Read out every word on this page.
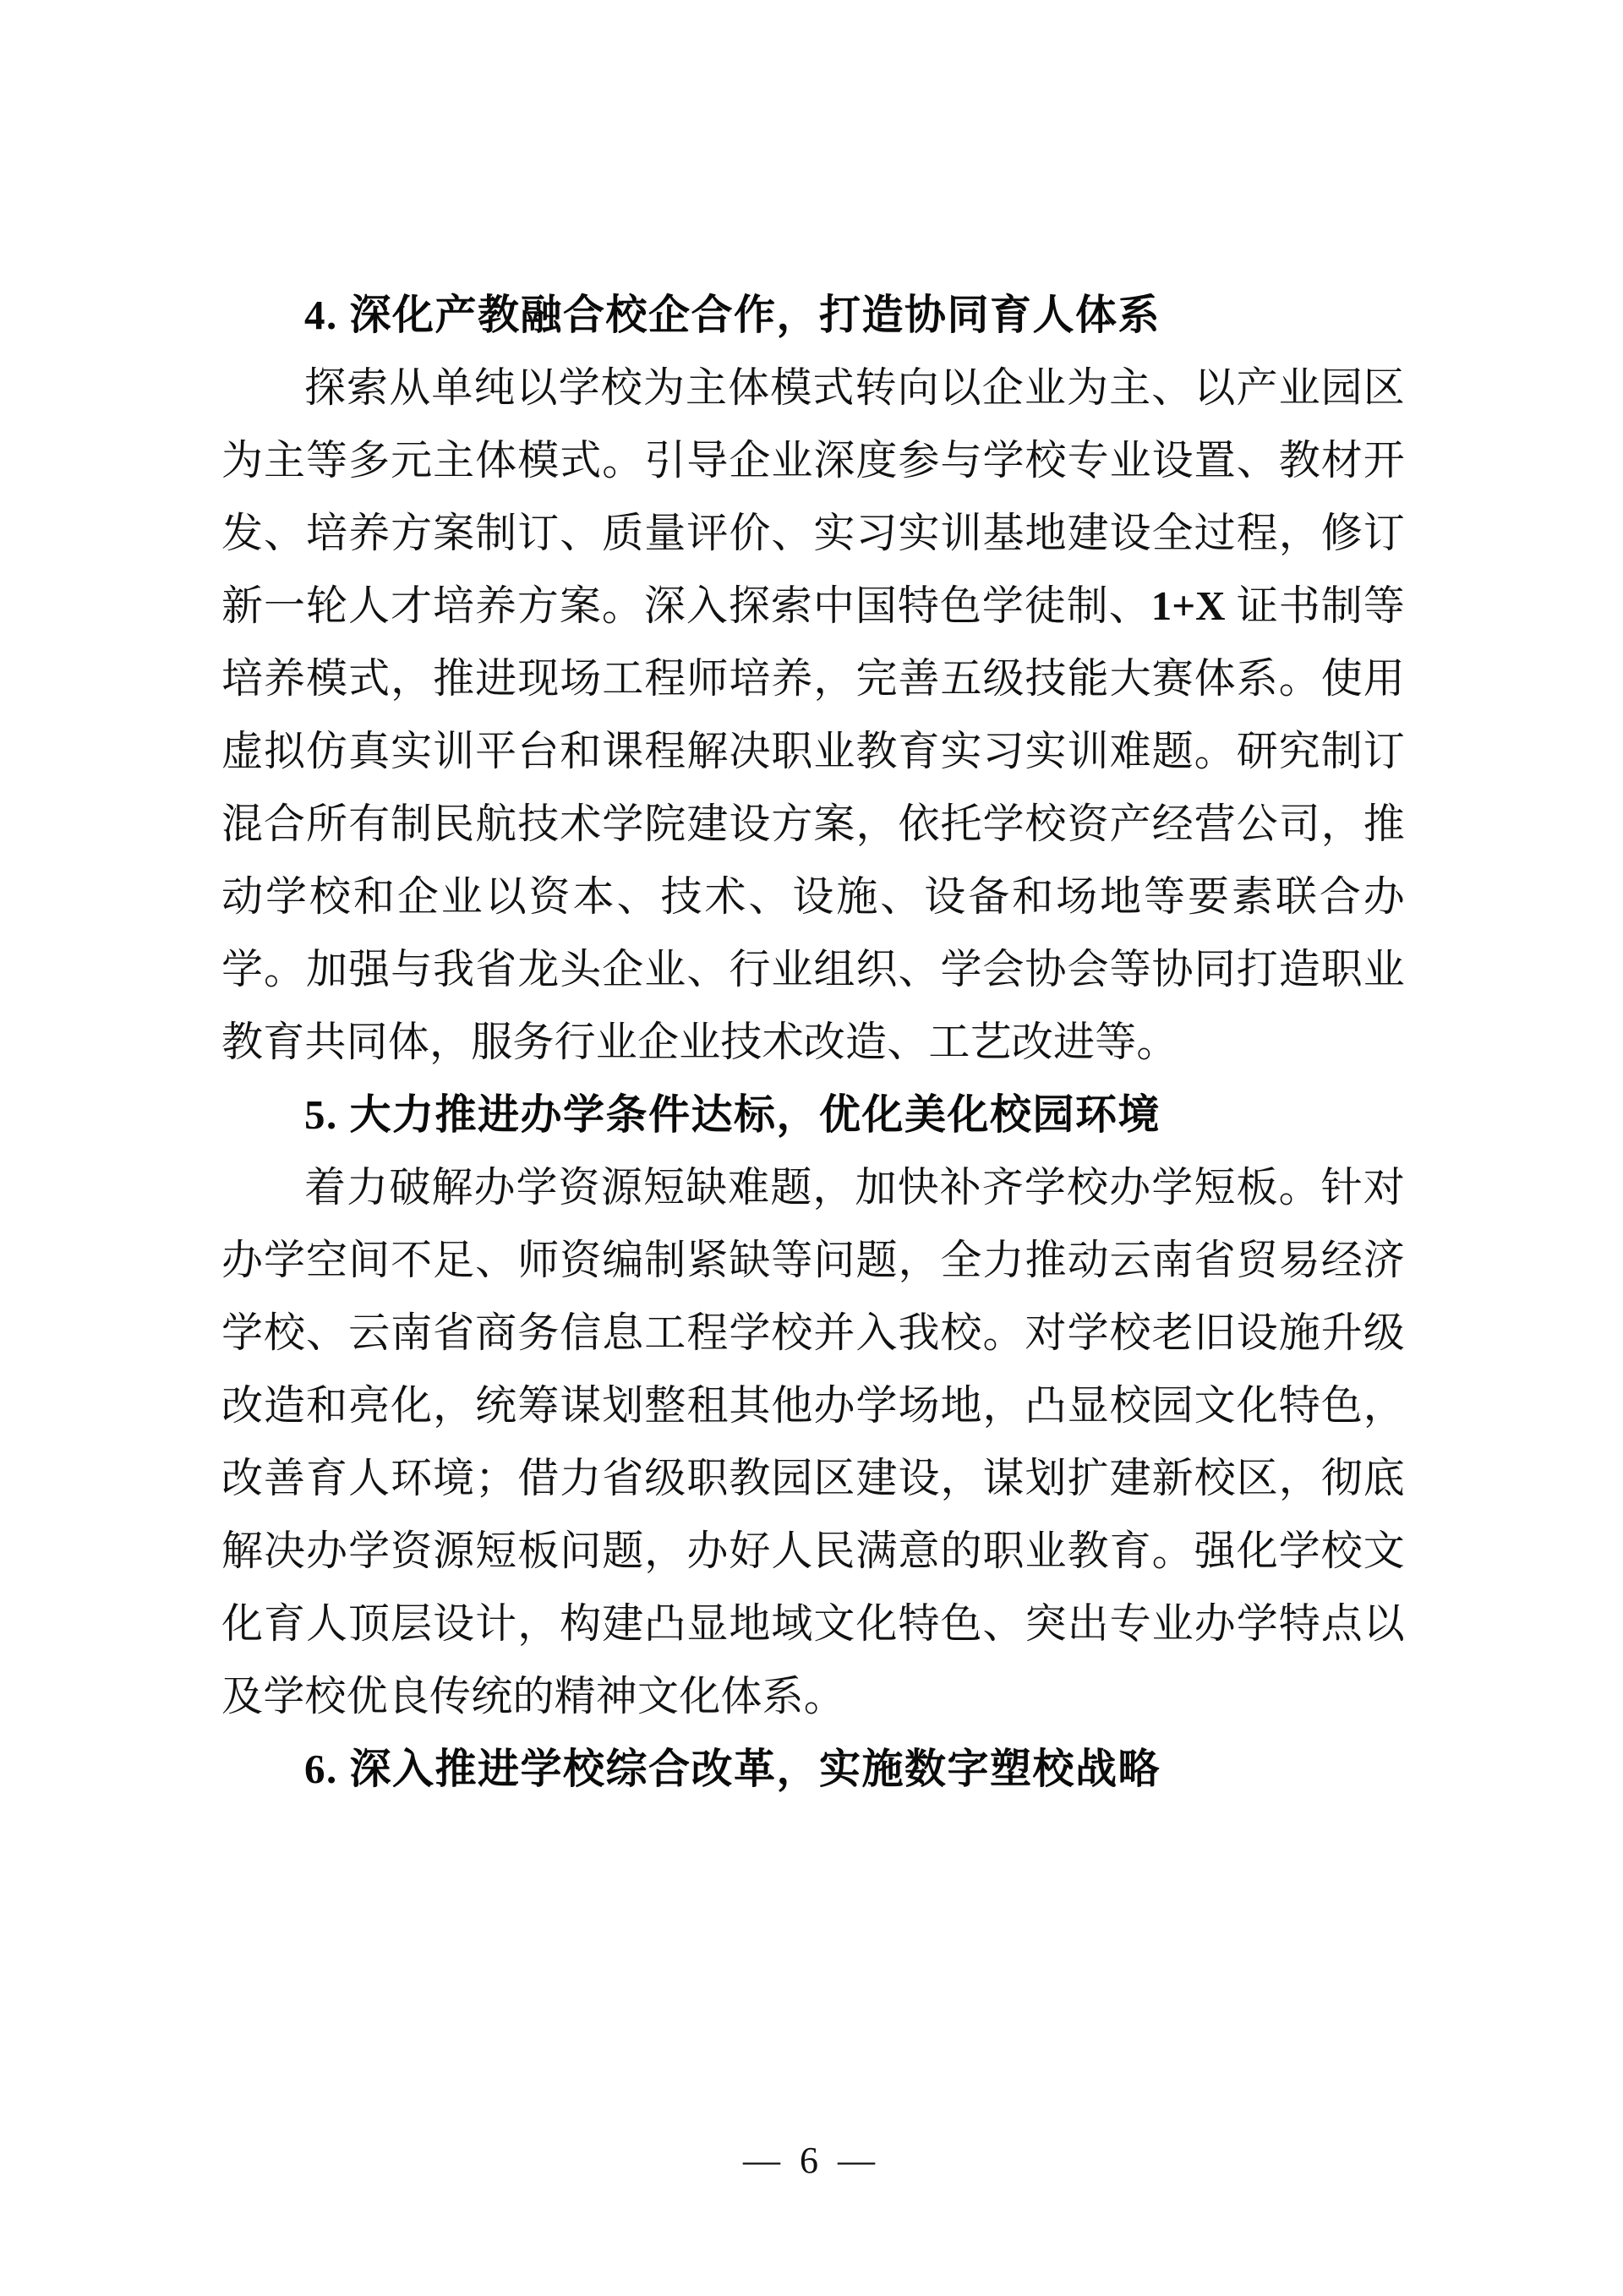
4. 深化产教融合校企合作，打造协同育人体系

探索从单纯以学校为主体模式转向以企业为主、以产业园区为主等多元主体模式。引导企业深度参与学校专业设置、教材开发、培养方案制订、质量评价、实习实训基地建设全过程，修订新一轮人才培养方案。深入探索中国特色学徒制、1+X 证书制等培养模式，推进现场工程师培养，完善五级技能大赛体系。使用虚拟仿真实训平台和课程解决职业教育实习实训难题。研究制订混合所有制民航技术学院建设方案，依托学校资产经营公司，推动学校和企业以资本、技术、设施、设备和场地等要素联合办学。加强与我省龙头企业、行业组织、学会协会等协同打造职业教育共同体，服务行业企业技术改造、工艺改进等。

5. 大力推进办学条件达标，优化美化校园环境

着力破解办学资源短缺难题，加快补齐学校办学短板。针对办学空间不足、师资编制紧缺等问题，全力推动云南省贸易经济学校、云南省商务信息工程学校并入我校。对学校老旧设施升级改造和亮化，统筹谋划整租其他办学场地，凸显校园文化特色，改善育人环境；借力省级职教园区建设，谋划扩建新校区，彻底解决办学资源短板问题，办好人民满意的职业教育。强化学校文化育人顶层设计，构建凸显地域文化特色、突出专业办学特点以及学校优良传统的精神文化体系。

6. 深入推进学校综合改革，实施数字塑校战略
— 6 —
